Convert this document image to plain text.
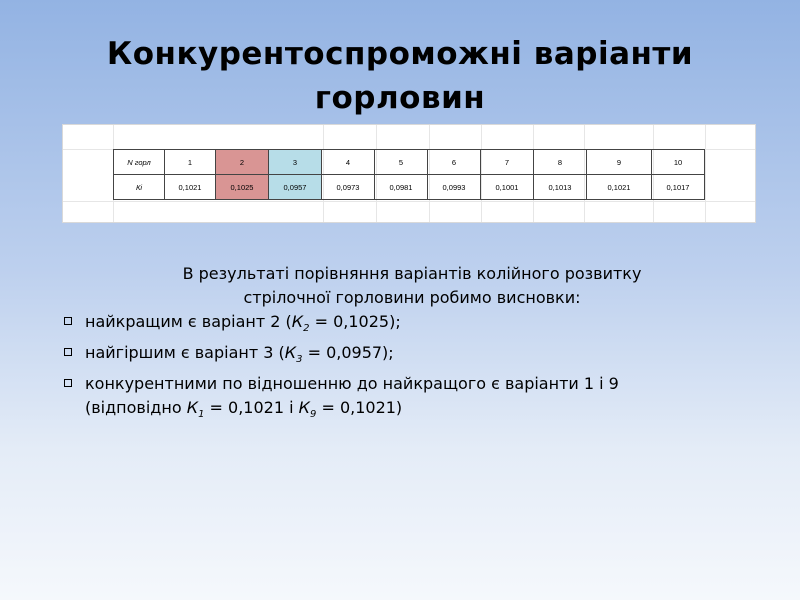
Конкурентоспроможні варіанти
горловин
N горл	1	2	3	4	5	6	7	8	9	10
Кі	0,1021	0,1025	0,0957	0,0973	0,0981	0,0993	0,1001	0,1013	0,1021	0,1017
В результаті порівняння варіантів колійного розвитку
стрілочної горловини робимо висновки:
найкращим є варіант 2 $(К_2 = 0,1025)$;
найгіршим є варіант 3 $(К_3 = 0,0957)$;
конкурентними по відношенню до найкращого є варіанти 1 і 9
(відповідно $К_1 = 0,1021$ і $К_9 = 0,1021$)
